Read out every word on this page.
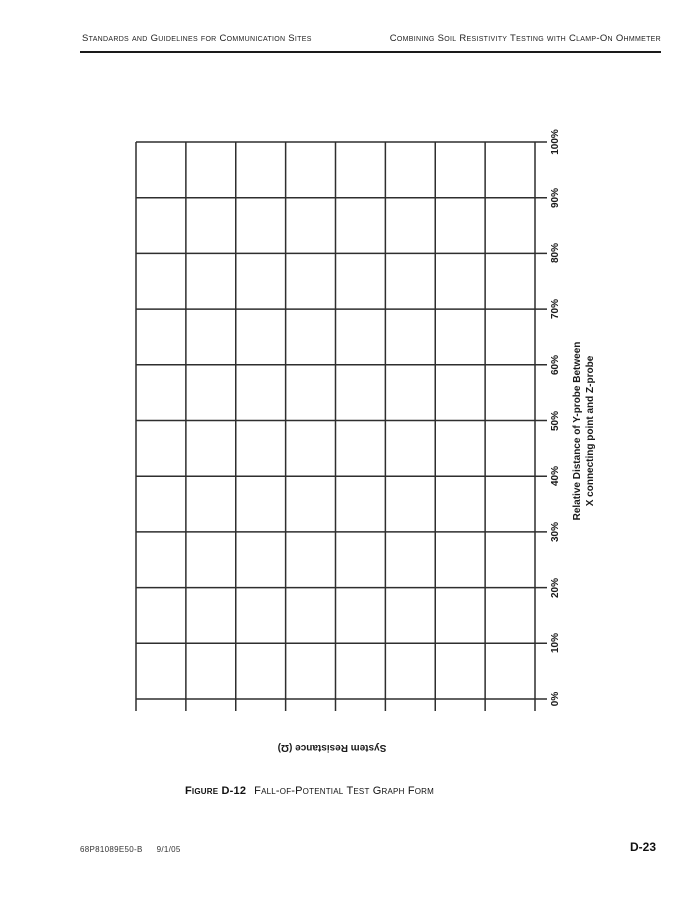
Standards and Guidelines for Communication Sites	Combining Soil Resistivity Testing with Clamp-On Ohmmeter
0%
10%
20%
30%
40%
50%
60%
70%
80%
90%
100%
Relative Distance of Y-probe Between X connecting point and Z-probe
System Resistance (Ω)
Figure D-12 Fall-of-Potential Test Graph Form
68P81089E50-B 9/1/05	D-23
